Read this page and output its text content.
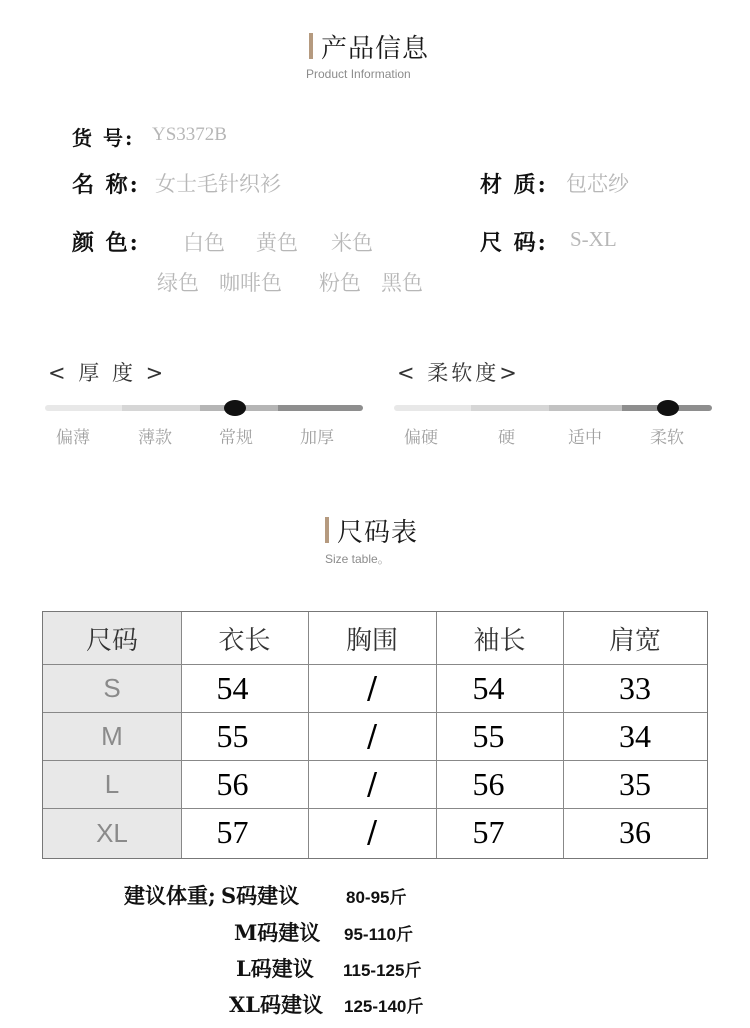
产品信息
Product Information
货 号: YS3372B
名 称: 女士毛针织衫	材 质: 包芯纱
颜 色: 白色 黄色 米色
绿色 咖啡色 粉色 黑色
尺 码: S-XL
< 厚 度 >
偏薄	薄款	常规	加厚
< 柔软度>
偏硬	硬	适中	柔软
尺码表
Size table。
尺码	衣长	胸围	袖长	肩宽
S	54	/	54	33
M	55	/	55	34
L	56	/	56	35
XL	57	/	57	36
建议体重; S码建议	80-95斤
M码建议 95-110斤
L码建议 115-125斤
XL码建议 125-140斤
